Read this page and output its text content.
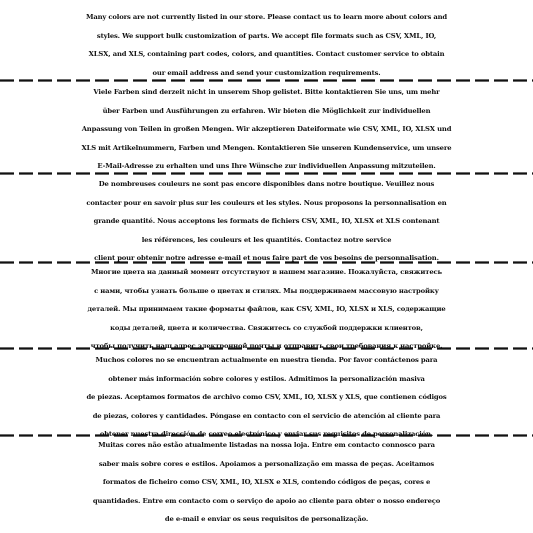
Many colors are not currently listed in our store. Please contact us to learn more about colors and
styles. We support bulk customization of parts. We accept file formats such as CSV, XML, IO,
XLSX, and XLS, containing part codes, colors, and quantities. Contact customer service to obtain
our email address and send your customization requirements.
Viele Farben sind derzeit nicht in unserem Shop gelistet. Bitte kontaktieren Sie uns, um mehr
über Farben und Ausführungen zu erfahren. Wir bieten die Möglichkeit zur individuellen
Anpassung von Teilen in großen Mengen. Wir akzeptieren Dateiformate wie CSV, XML, IO, XLSX und
XLS mit Artikelnummern, Farben und Mengen. Kontaktieren Sie unseren Kundenservice, um unsere
E-Mail-Adresse zu erhalten und uns Ihre Wünsche zur individuellen Anpassung mitzuteilen.
De nombreuses couleurs ne sont pas encore disponibles dans notre boutique. Veuillez nous
contacter pour en savoir plus sur les couleurs et les styles. Nous proposons la personnalisation en
grande quantité. Nous acceptons les formats de fichiers CSV, XML, IO, XLSX et XLS contenant
les références, les couleurs et les quantités. Contactez notre service
client pour obtenir notre adresse e-mail et nous faire part de vos besoins de personnalisation.
Многие цвета на данный момент отсутствуют в нашем магазине. Пожалуйста, свяжитесь
с нами, чтобы узнать больше о цветах и стилях. Мы поддерживаем массовую настройку
деталей. Мы принимаем такие форматы файлов, как CSV, XML, IO, XLSX и XLS, содержащие
коды деталей, цвета и количества. Свяжитесь со службой поддержки клиентов,
чтобы получить наш адрес электронной почты и отправить свои требования к настройке.
Muchos colores no se encuentran actualmente en nuestra tienda. Por favor contáctenos para
obtener más información sobre colores y estilos. Admitimos la personalización masiva
de piezas. Aceptamos formatos de archivo como CSV, XML, IO, XLSX y XLS, que contienen códigos
de piezas, colores y cantidades. Póngase en contacto con el servicio de atención al cliente para
obtener nuestra dirección de correo electrónico y enviar sus requisitos de personalización.
Muitas cores não estão atualmente listadas na nossa loja. Entre em contacto connosco para
saber mais sobre cores e estilos. Apoiamos a personalização em massa de peças. Aceitamos
formatos de ficheiro como CSV, XML, IO, XLSX e XLS, contendo códigos de peças, cores e
quantidades. Entre em contacto com o serviço de apoio ao cliente para obter o nosso endereço
de e-mail e enviar os seus requisitos de personalização.
